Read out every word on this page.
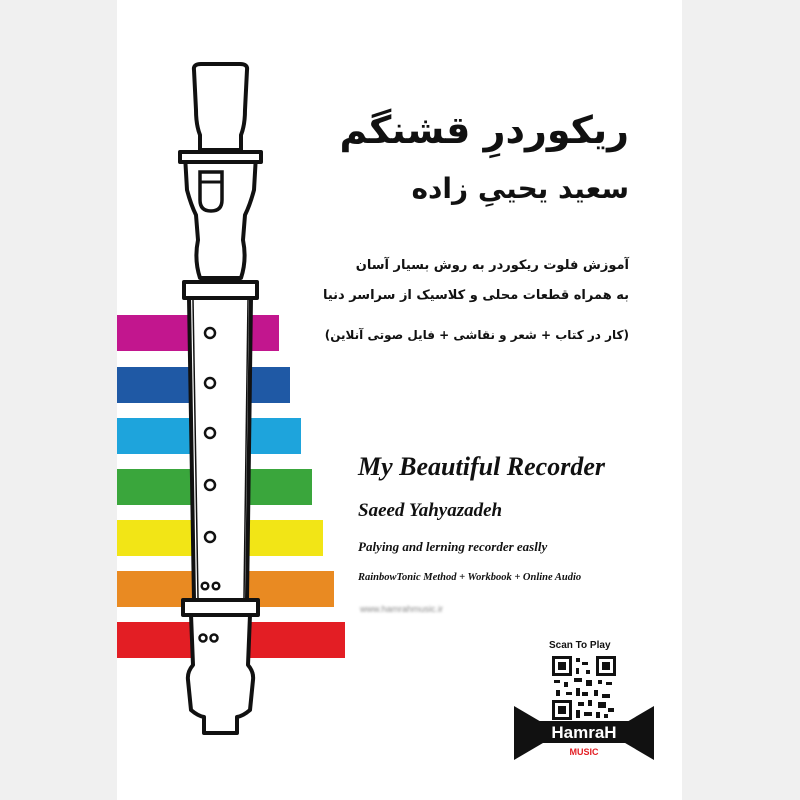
ریکوردرِ قشنگم
سعید یحییِ زاده
آموزش فلوت ریکوردر به روش بسیار آسان
به همراه قطعات محلی و کلاسیک از سراسر دنیا
(کار در کتاب + شعر و نقاشی + فایل صوتی آنلاین)
My Beautiful Recorder
Saeed Yahyazadeh
Palying and lerning recorder easlly
RainbowTonic Method + Workbook + Online Audio
www.hamrahmusic.ir
Scan To Play
HamraH
MUSIC
